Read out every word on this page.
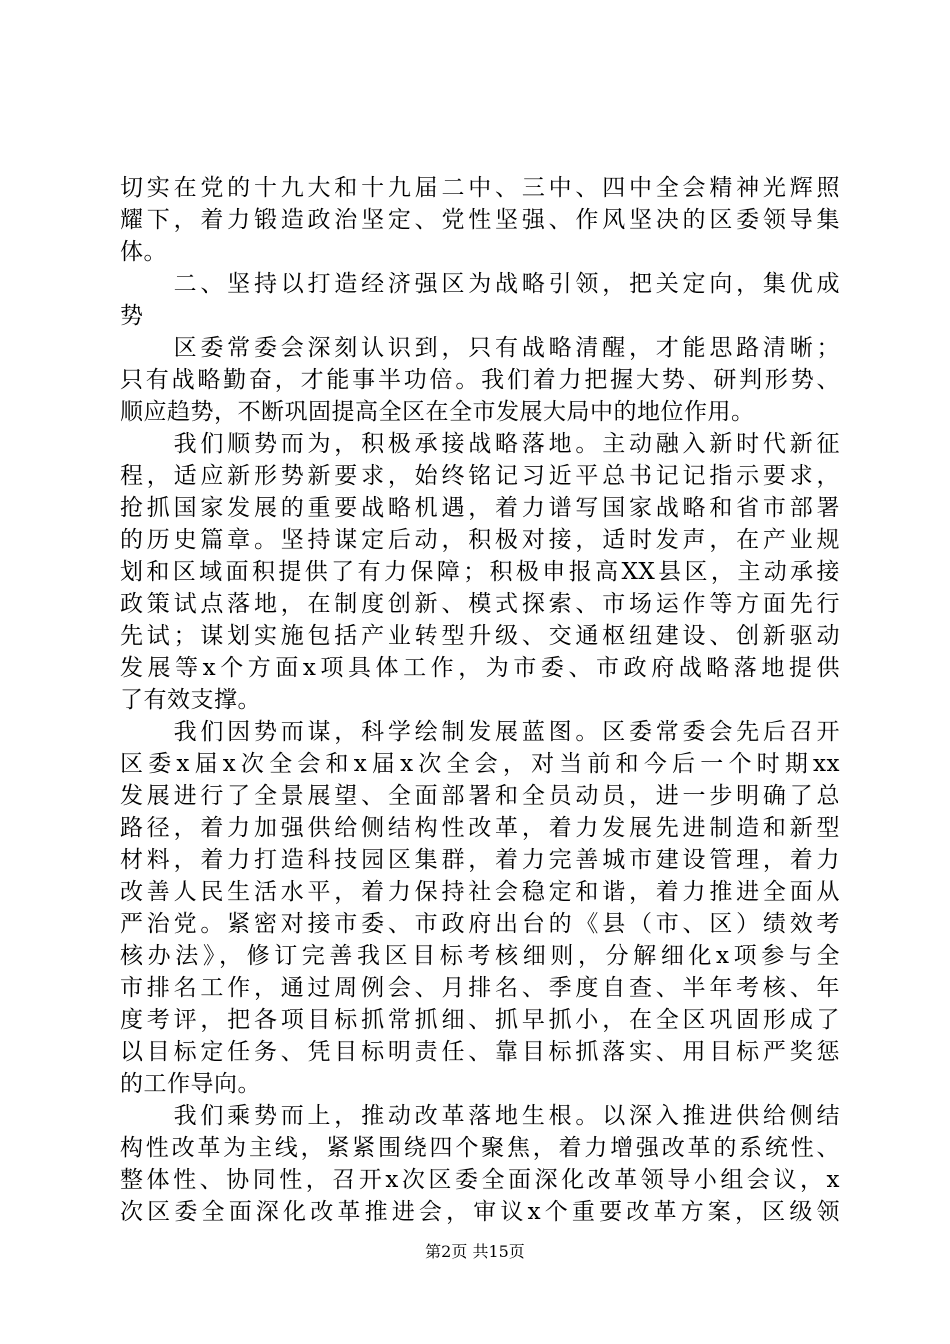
切实在党的十九大和十九届二中、三中、四中全会精神光辉照
耀下，着力锻造政治坚定、党性坚强、作风坚决的区委领导集
体。
　　二、坚持以打造经济强区为战略引领，把关定向，集优成
势
　　区委常委会深刻认识到，只有战略清醒，才能思路清晰；
只有战略勤奋，才能事半功倍。我们着力把握大势、研判形势、
顺应趋势，不断巩固提高全区在全市发展大局中的地位作用。
　　我们顺势而为，积极承接战略落地。主动融入新时代新征
程，适应新形势新要求，始终铭记习近平总书记记指示要求，
抢抓国家发展的重要战略机遇，着力谱写国家战略和省市部署
的历史篇章。坚持谋定后动，积极对接，适时发声，在产业规
划和区域面积提供了有力保障；积极申报高XX县区，主动承接
政策试点落地，在制度创新、模式探索、市场运作等方面先行
先试；谋划实施包括产业转型升级、交通枢纽建设、创新驱动
发展等x个方面x项具体工作，为市委、市政府战略落地提供
了有效支撑。
　　我们因势而谋，科学绘制发展蓝图。区委常委会先后召开
区委x届x次全会和x届x次全会，对当前和今后一个时期xx
发展进行了全景展望、全面部署和全员动员，进一步明确了总
路径，着力加强供给侧结构性改革，着力发展先进制造和新型
材料，着力打造科技园区集群，着力完善城市建设管理，着力
改善人民生活水平，着力保持社会稳定和谐，着力推进全面从
严治党。紧密对接市委、市政府出台的《县（市、区）绩效考
核办法》，修订完善我区目标考核细则，分解细化x项参与全
市排名工作，通过周例会、月排名、季度自查、半年考核、年
度考评，把各项目标抓常抓细、抓早抓小，在全区巩固形成了
以目标定任务、凭目标明责任、靠目标抓落实、用目标严奖惩
的工作导向。
　　我们乘势而上，推动改革落地生根。以深入推进供给侧结
构性改革为主线，紧紧围绕四个聚焦，着力增强改革的系统性、
整体性、协同性，召开x次区委全面深化改革领导小组会议，x
次区委全面深化改革推进会，审议x个重要改革方案，区级领
第2页 共15页
